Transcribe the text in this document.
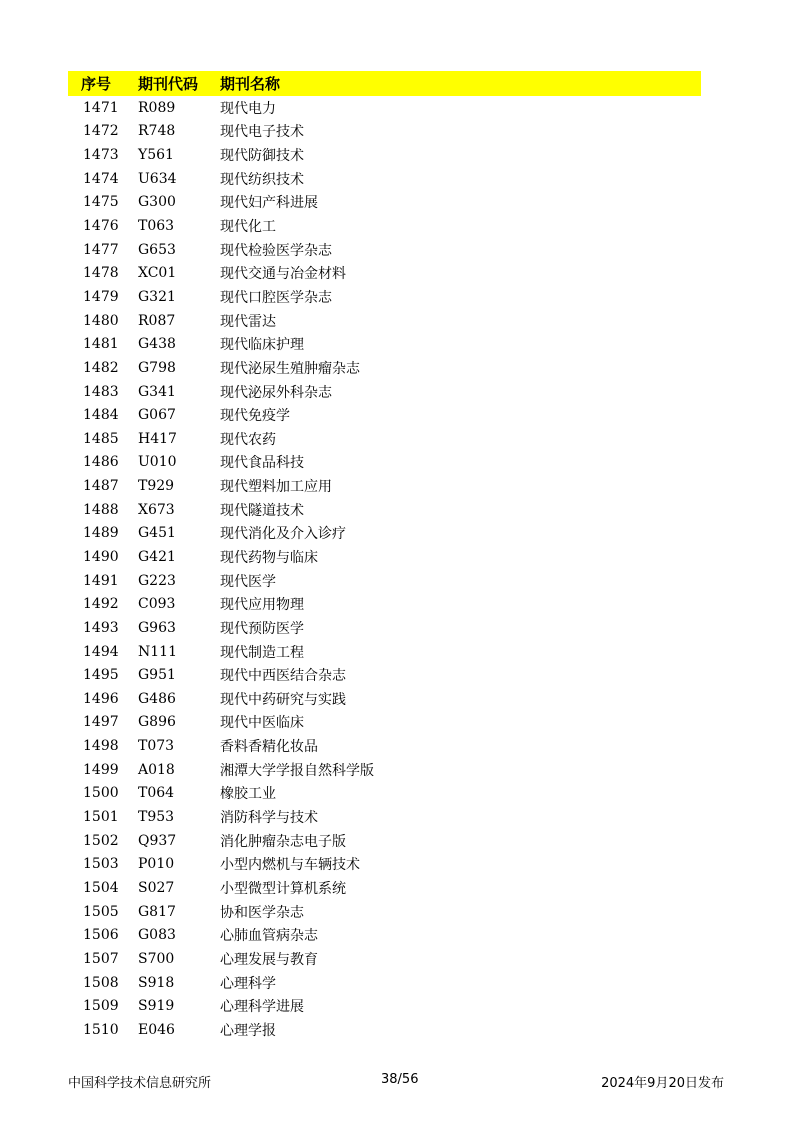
序号	期刊代码	期刊名称
1471	R089	现代电力
1472	R748	现代电子技术
1473	Y561	现代防御技术
1474	U634	现代纺织技术
1475	G300	现代妇产科进展
1476	T063	现代化工
1477	G653	现代检验医学杂志
1478	XC01	现代交通与冶金材料
1479	G321	现代口腔医学杂志
1480	R087	现代雷达
1481	G438	现代临床护理
1482	G798	现代泌尿生殖肿瘤杂志
1483	G341	现代泌尿外科杂志
1484	G067	现代免疫学
1485	H417	现代农药
1486	U010	现代食品科技
1487	T929	现代塑料加工应用
1488	X673	现代隧道技术
1489	G451	现代消化及介入诊疗
1490	G421	现代药物与临床
1491	G223	现代医学
1492	C093	现代应用物理
1493	G963	现代预防医学
1494	N111	现代制造工程
1495	G951	现代中西医结合杂志
1496	G486	现代中药研究与实践
1497	G896	现代中医临床
1498	T073	香料香精化妆品
1499	A018	湘潭大学学报自然科学版
1500	T064	橡胶工业
1501	T953	消防科学与技术
1502	Q937	消化肿瘤杂志电子版
1503	P010	小型内燃机与车辆技术
1504	S027	小型微型计算机系统
1505	G817	协和医学杂志
1506	G083	心肺血管病杂志
1507	S700	心理发展与教育
1508	S918	心理科学
1509	S919	心理科学进展
1510	E046	心理学报
中国科学技术信息研究所	38/56	2024年9月20日发布
